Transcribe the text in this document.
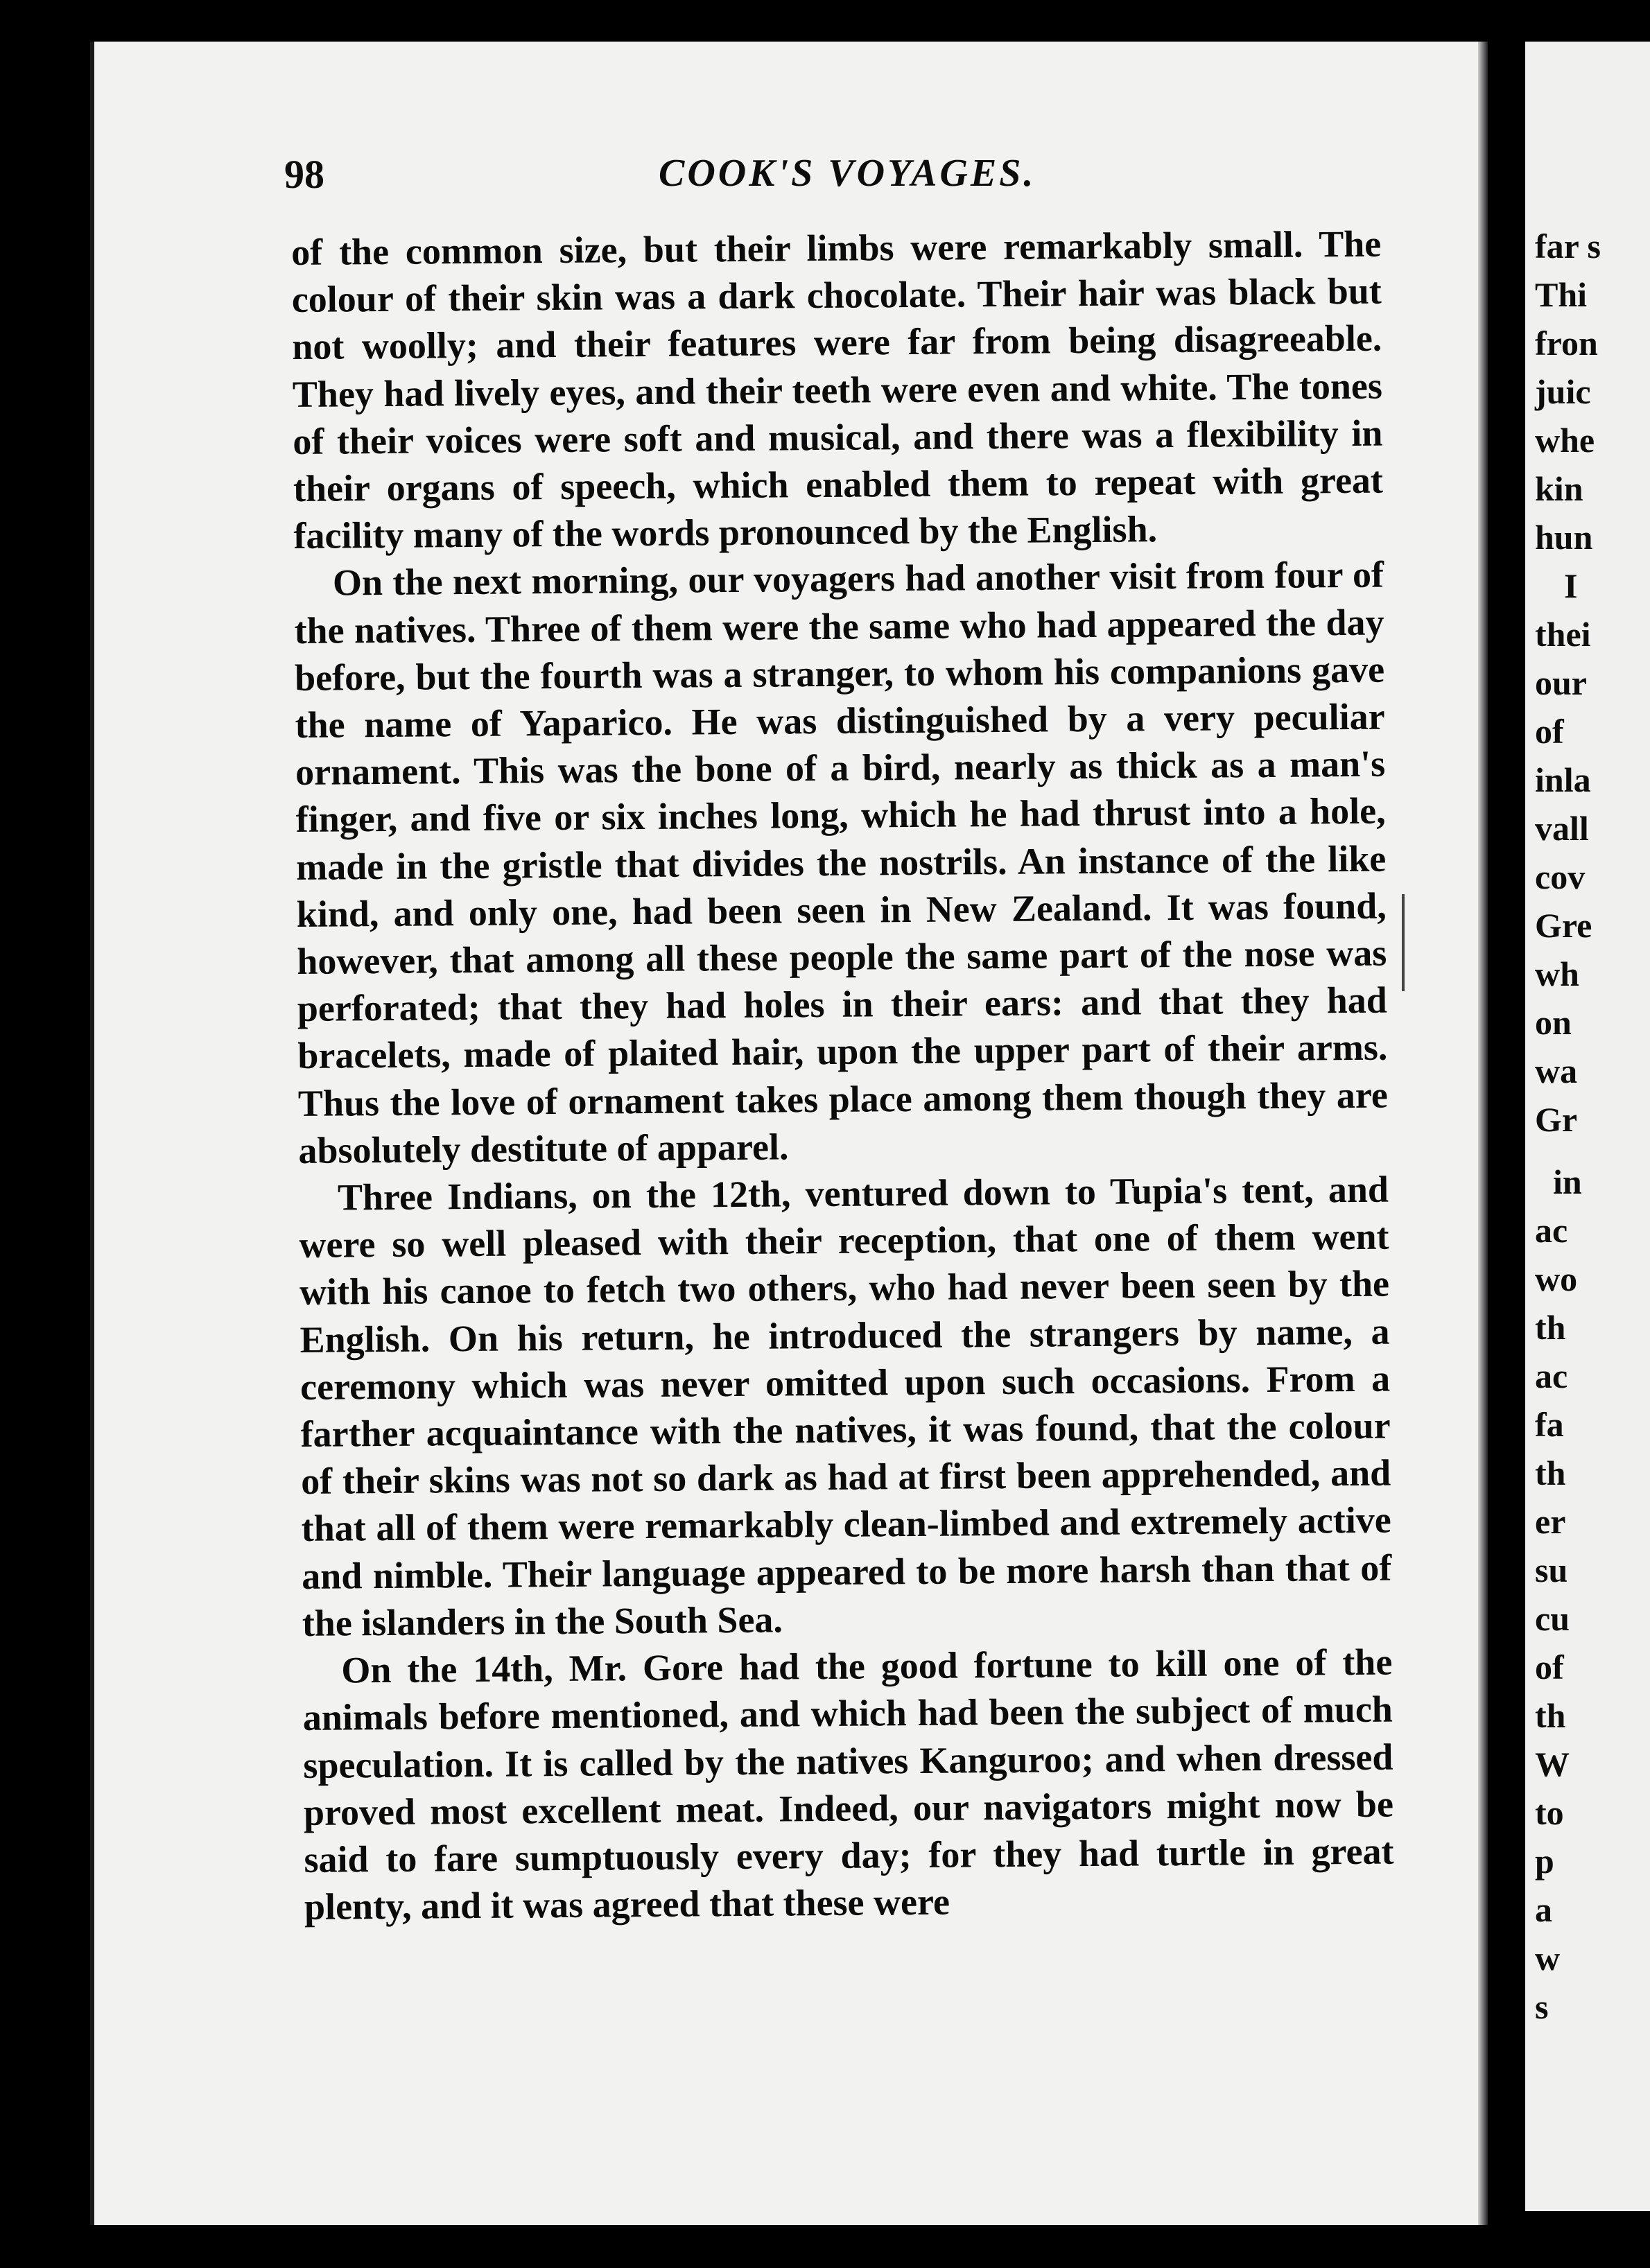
far s
Thi
fron
juic
whe
kin
hun
I
thei
our
of
inla
vall
cov
Gre
wh
on
wa
Gr
in
ac
wo
th
ac
fa
th
er
su
cu
of
th
W
to
p
a
w
s
98	COOK'S VOYAGES.

of the common size, but their limbs were remarkably small. The colour of their skin was a dark chocolate. Their hair was black but not woolly; and their features were far from being disagreeable. They had lively eyes, and their teeth were even and white. The tones of their voices were soft and musical, and there was a flexibility in their organs of speech, which enabled them to repeat with great facility many of the words pronounced by the English.

On the next morning, our voyagers had another visit from four of the natives. Three of them were the same who had appeared the day before, but the fourth was a stranger, to whom his companions gave the name of Yaparico. He was distinguished by a very peculiar ornament. This was the bone of a bird, nearly as thick as a man's finger, and five or six inches long, which he had thrust into a hole, made in the gristle that divides the nostrils. An instance of the like kind, and only one, had been seen in New Zealand. It was found, however, that among all these people the same part of the nose was perforated; that they had holes in their ears: and that they had bracelets, made of plaited hair, upon the upper part of their arms. Thus the love of ornament takes place among them though they are absolutely destitute of apparel.

Three Indians, on the 12th, ventured down to Tupia's tent, and were so well pleased with their reception, that one of them went with his canoe to fetch two others, who had never been seen by the English. On his return, he introduced the strangers by name, a ceremony which was never omitted upon such occasions. From a farther acquaintance with the natives, it was found, that the colour of their skins was not so dark as had at first been apprehended, and that all of them were remarkably clean-limbed and extremely active and nimble. Their language appeared to be more harsh than that of the islanders in the South Sea.

On the 14th, Mr. Gore had the good fortune to kill one of the animals before mentioned, and which had been the subject of much speculation. It is called by the natives Kanguroo; and when dressed proved most excellent meat. Indeed, our navigators might now be said to fare sumptuously every day; for they had turtle in great plenty, and it was agreed that these were
